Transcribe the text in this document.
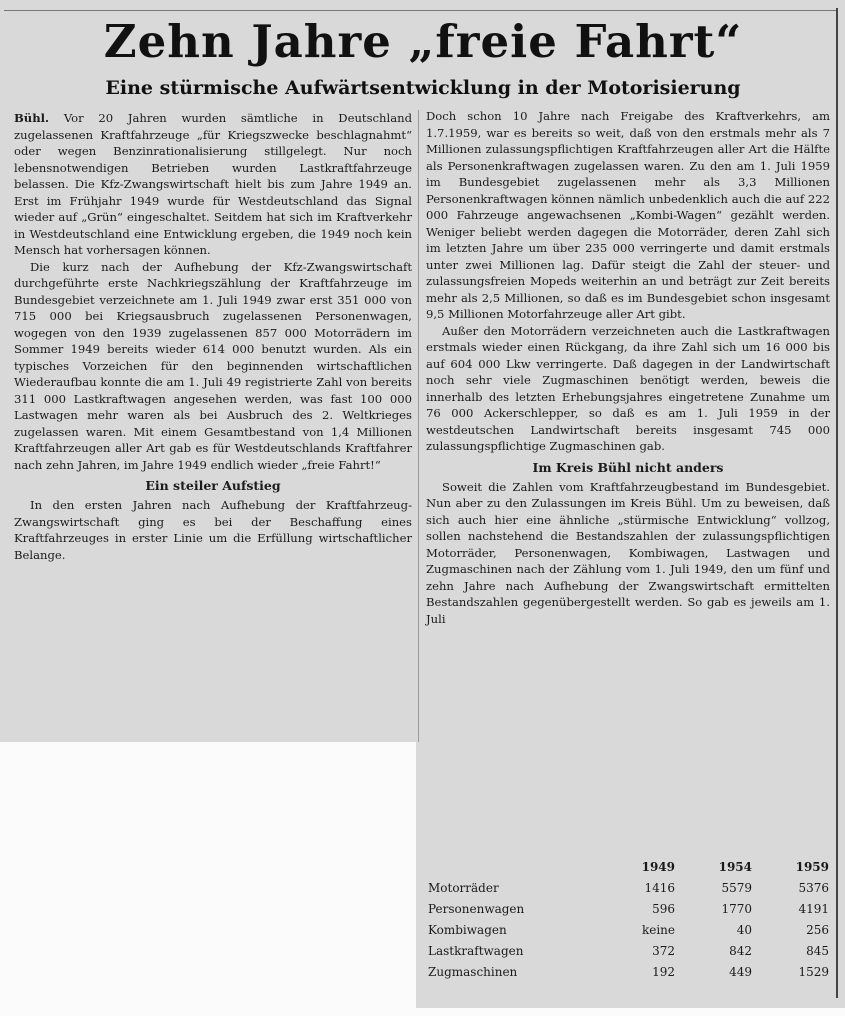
Zehn Jahre „freie Fahrt“
Eine stürmische Aufwärtsentwicklung in der Motorisierung

Bühl. Vor 20 Jahren wurden sämtliche in Deutschland zugelassenen Kraftfahrzeuge „für Kriegszwecke beschlagnahmt“ oder wegen Benzinrationalisierung stillgelegt. Nur noch lebensnotwendigen Betrieben wurden Lastkraftfahrzeuge belassen. Die Kfz-Zwangswirtschaft hielt bis zum Jahre 1949 an. Erst im Frühjahr 1949 wurde für Westdeutschland das Signal wieder auf „Grün“ eingeschaltet. Seitdem hat sich im Kraftverkehr in Westdeutschland eine Entwicklung ergeben, die 1949 noch kein Mensch hat vorhersagen können.

Die kurz nach der Aufhebung der Kfz-Zwangswirtschaft durchgeführte erste Nachkriegszählung der Kraftfahrzeuge im Bundesgebiet verzeichnete am 1. Juli 1949 zwar erst 351 000 von 715 000 bei Kriegsausbruch zugelassenen Personenwagen, wogegen von den 1939 zugelassenen 857 000 Motorrädern im Sommer 1949 bereits wieder 614 000 benutzt wurden. Als ein typisches Vorzeichen für den beginnenden wirtschaftlichen Wiederaufbau konnte die am 1. Juli 49 registrierte Zahl von bereits 311 000 Lastkraftwagen angesehen werden, was fast 100 000 Lastwagen mehr waren als bei Ausbruch des 2. Weltkrieges zugelassen waren. Mit einem Gesamtbestand von 1,4 Millionen Kraftfahrzeugen aller Art gab es für Westdeutschlands Kraftfahrer nach zehn Jahren, im Jahre 1949 endlich wieder „freie Fahrt!“

Ein steiler Aufstieg

In den ersten Jahren nach Aufhebung der Kraftfahrzeug-Zwangswirtschaft ging es bei der Beschaffung eines Kraftfahrzeuges in erster Linie um die Erfüllung wirtschaftlicher Belange.

Doch schon 10 Jahre nach Freigabe des Kraftverkehrs, am 1.7.1959, war es bereits so weit, daß von den erstmals mehr als 7 Millionen zulassungspflichtigen Kraftfahrzeugen aller Art die Hälfte als Personenkraftwagen zugelassen waren. Zu den am 1. Juli 1959 im Bundesgebiet zugelassenen mehr als 3,3 Millionen Personenkraftwagen können nämlich unbedenklich auch die auf 222 000 Fahrzeuge angewachsenen „Kombi-Wagen“ gezählt werden. Weniger beliebt werden dagegen die Motorräder, deren Zahl sich im letzten Jahre um über 235 000 verringerte und damit erstmals unter zwei Millionen lag. Dafür steigt die Zahl der steuer- und zulassungsfreien Mopeds weiterhin an und beträgt zur Zeit bereits mehr als 2,5 Millionen, so daß es im Bundesgebiet schon insgesamt 9,5 Millionen Motorfahrzeuge aller Art gibt.

Außer den Motorrädern verzeichneten auch die Lastkraftwagen erstmals wieder einen Rückgang, da ihre Zahl sich um 16 000 bis auf 604 000 Lkw verringerte. Daß dagegen in der Landwirtschaft noch sehr viele Zugmaschinen benötigt werden, beweis die innerhalb des letzten Erhebungsjahres eingetretene Zunahme um 76 000 Ackerschlepper, so daß es am 1. Juli 1959 in der westdeutschen Landwirtschaft bereits insgesamt 745 000 zulassungspflichtige Zugmaschinen gab.

Im Kreis Bühl nicht anders

Soweit die Zahlen vom Kraftfahrzeugbestand im Bundesgebiet. Nun aber zu den Zulassungen im Kreis Bühl. Um zu beweisen, daß sich auch hier eine ähnliche „stürmische Entwicklung“ vollzog, sollen nachstehend die Bestandszahlen der zulassungspflichtigen Motorräder, Personenwagen, Kombiwagen, Lastwagen und Zugmaschinen nach der Zählung vom 1. Juli 1949, den um fünf und zehn Jahre nach Aufhebung der Zwangswirtschaft ermittelten Bestandszahlen gegenübergestellt werden. So gab es jeweils am 1. Juli

1949	1954	1959
Motorräder	1416	5579	5376
Personenwagen	596	1770	4191
Kombiwagen	keine	40	256
Lastkraftwagen	372	842	845
Zugmaschinen	192	449	1529
